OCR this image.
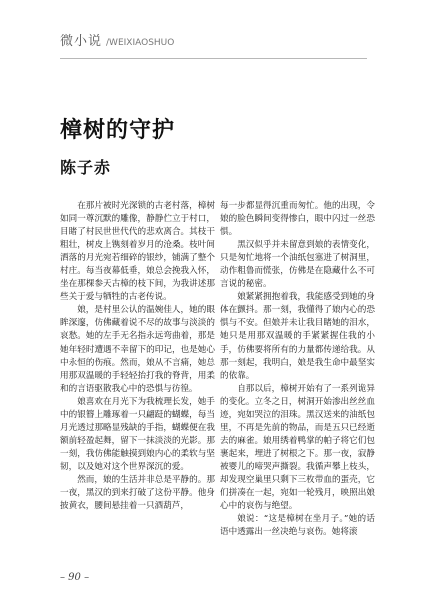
微小说 /WEIXIAOSHUO
樟树的守护
陈子赤

在那片被时光深锁的古老村落，樟树如同一尊沉默的雕像，静静伫立于村口，目睹了村民世世代代的悲欢离合。其枝干粗壮，树皮上镌刻着岁月的沧桑。枝叶间洒落的月光宛若细碎的银纱，铺满了整个村庄。每当夜幕低垂，娘总会挽我入怀，坐在那棵参天古樟的枝下间，为我讲述那些关于爱与牺牲的古老传说。

娘，是村里公认的温婉佳人，她的眼眸深邃，仿佛藏着说不尽的故事与淡淡的哀愁。她的左手无名指永远弯曲着，那是她年轻时遭遇不幸留下的印记，也是她心中永恒的伤痕。然而，娘从不言痛，她总用那双温暖的手轻轻抬打我的脊背，用柔和的言语驱散我心中的恐惧与彷徨。

娘喜欢在月光下为我梳理长发，她手中的银簪上雕琢着一只翩跹的蝴蝶，每当月光透过那略显残缺的手指，蝴蝶便在我额前轻盈起舞，留下一抹淡淡的光影。那一刻，我仿佛能触摸到娘内心的柔软与坚韧，以及她对这个世界深沉的爱。

然而，娘的生活并非总是平静的。那一夜，黑汉的到来打破了这份平静。他身披黄衣，腰间悬挂着一只酒葫芦，

每一步都显得沉重而匆忙。他的出现，令娘的脸色瞬间变得惨白，眼中闪过一丝恐惧。

黑汉似乎并未留意到娘的表情变化，只是匆忙地将一个油纸包塞进了树洞里，动作粗鲁而慌张，仿佛是在隐藏什么不可言说的秘密。

娘紧紧拥抱着我，我能感受到她的身体在颤抖。那一刻，我懂得了娘内心的恐惧与不安。但娘并未让我目睹她的泪水，她只是用那双温暖的手紧紧握住我的小手，仿佛要将所有的力量都传递给我。从那一刻起，我明白，娘是我生命中最坚实的依靠。

自那以后，樟树开始有了一系列诡异的变化。立冬之日，树洞开始渗出丝丝血迹，宛如哭泣的泪珠。黑汉送来的油纸包里，不再是先前的物品，而是五只已经逝去的麻雀。娘用绣着鸭掌的帕子将它们包裹起来，埋进了树根之下。那一夜，寂静被婴儿的啼哭声撕裂。我循声攀上枝头，却发现空巢里只剩下三枚带血的蛋壳，它们拼凑在一起，宛如一轮残月，映照出娘心中的哀伤与绝望。

娘说：“这是樟树在坐月子。”她的话语中透露出一丝决绝与哀伤。她将滚

– 90 –
